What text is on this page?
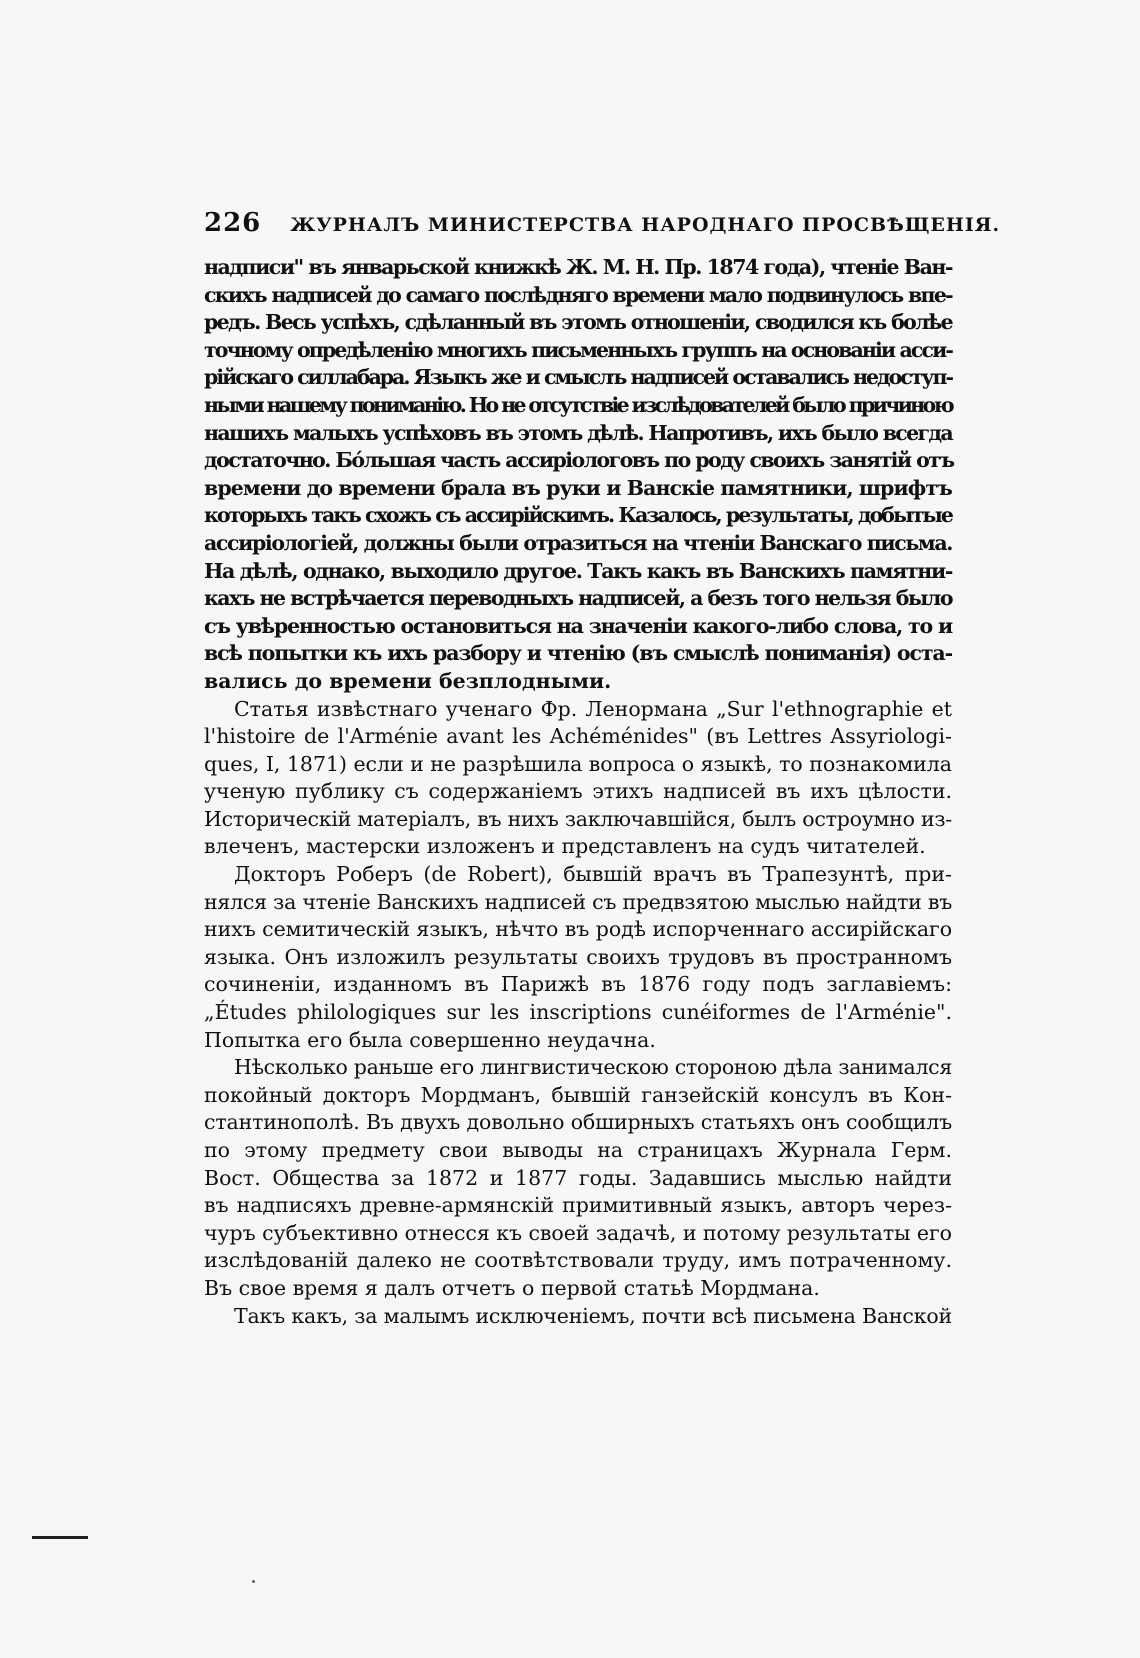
226 ЖУРНАЛЪ МИНИСТЕРСТВА НАРОДНАГО ПРОСВѢЩЕНІЯ.
надписи" въ январьской книжкѣ Ж. М. Н. Пр. 1874 года), чтеніе Ван-
скихъ надписей до самаго послѣдняго времени мало подвинулось впе-
редъ. Весь успѣхъ, сдѣланный въ этомъ отношеніи, сводился къ болѣе
точному опредѣленію многихъ письменныхъ группъ на основаніи асси-
рійскаго силлабара. Языкъ же и смыслъ надписей оставались недоступ-
ными нашему пониманію. Но не отсутствіе изслѣдователей было причиною
нашихъ малыхъ успѣховъ въ этомъ дѣлѣ. Напротивъ, ихъ было всегда
достаточно. Бо́льшая часть ассиріологовъ по роду своихъ занятій отъ
времени до времени брала въ руки и Ванскіе памятники, шрифтъ
которыхъ такъ схожъ съ ассирійскимъ. Казалось, результаты, добытые
ассиріологіей, должны были отразиться на чтеніи Ванскаго письма.
На дѣлѣ, однако, выходило другое. Такъ какъ въ Ванскихъ памятни-
кахъ не встрѣчается переводныхъ надписей, а безъ того нельзя было
съ увѣренностью остановиться на значеніи какого-либо слова, то и
всѣ попытки къ ихъ разбору и чтенію (въ смыслѣ пониманія) оста-
вались до времени безплодными.
Статья извѣстнаго ученаго Фр. Ленормана „Sur l'ethnographie et
l'histoire de l'Arménie avant les Achéménides" (въ Lettres Assyriologi-
ques, I, 1871) если и не разрѣшила вопроса о языкѣ, то познакомила
ученую публику съ содержаніемъ этихъ надписей въ ихъ цѣлости.
Историческій матеріалъ, въ нихъ заключавшійся, былъ остроумно из-
влеченъ, мастерски изложенъ и представленъ на судъ читателей.
Докторъ Роберъ (de Robert), бывшій врачъ въ Трапезунтѣ, при-
нялся за чтеніе Ванскихъ надписей съ предвзятою мыслью найдти въ
нихъ семитическій языкъ, нѣчто въ родѣ испорченнаго ассирійскаго
языка. Онъ изложилъ результаты своихъ трудовъ въ пространномъ
сочиненіи, изданномъ въ Парижѣ въ 1876 году подъ заглавіемъ:
„Études philologiques sur les inscriptions cunéiformes de l'Arménie".
Попытка его была совершенно неудачна.
Нѣсколько раньше его лингвистическою стороною дѣла занимался
покойный докторъ Мордманъ, бывшій ганзейскій консулъ въ Кон-
стантинополѣ. Въ двухъ довольно обширныхъ статьяхъ онъ сообщилъ
по этому предмету свои выводы на страницахъ Журнала Герм.
Вост. Общества за 1872 и 1877 годы. Задавшись мыслью найдти
въ надписяхъ древне-армянскій примитивный языкъ, авторъ через-
чуръ субъективно отнесся къ своей задачѣ, и потому результаты его
изслѣдованій далеко не соотвѣтствовали труду, имъ потраченному.
Въ свое время я далъ отчетъ о первой статьѣ Мордмана.
Такъ какъ, за малымъ исключеніемъ, почти всѣ письмена Ванской
